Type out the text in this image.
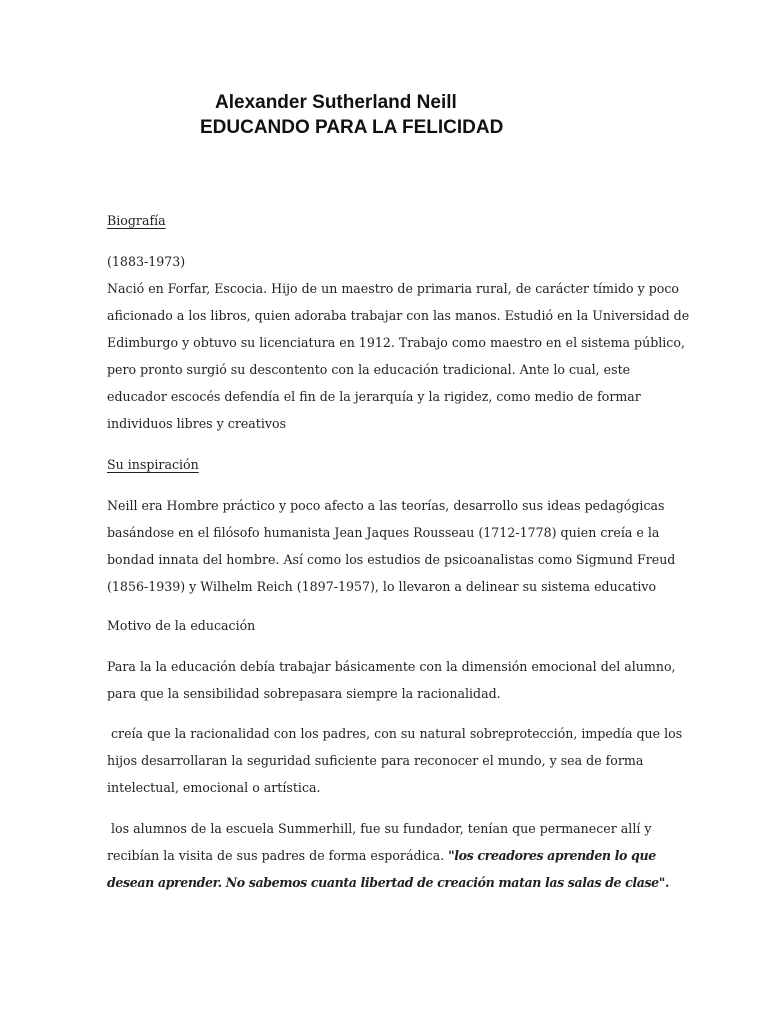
Alexander Sutherland Neill
EDUCANDO PARA LA FELICIDAD
Biografía

(1883-1973)
Nació en Forfar, Escocia. Hijo de un maestro de primaria rural, de carácter tímido y poco
aficionado a los libros, quien adoraba trabajar con las manos. Estudió en la Universidad de
Edimburgo y obtuvo su licenciatura en 1912. Trabajo como maestro en el sistema público,
pero pronto surgió su descontento con la educación tradicional. Ante lo cual, este
educador escocés defendía el fin de la jerarquía y la rigidez, como medio de formar
individuos libres y creativos

Su inspiración

Neill era Hombre práctico y poco afecto a las teorías, desarrollo sus ideas pedagógicas
basándose en el filósofo humanista Jean Jaques Rousseau (1712-1778) quien creía e la
bondad innata del hombre. Así como los estudios de psicoanalistas como Sigmund Freud
(1856-1939) y Wilhelm Reich (1897-1957), lo llevaron a delinear su sistema educativo

Motivo de la educación

Para la la educación debía trabajar básicamente con la dimensión emocional del alumno,
para que la sensibilidad sobrepasara siempre la racionalidad.

creía que la racionalidad con los padres, con su natural sobreprotección, impedía que los
hijos desarrollaran la seguridad suficiente para reconocer el mundo, y sea de forma
intelectual, emocional o artística.

los alumnos de la escuela Summerhill, fue su fundador, tenían que permanecer allí y
recibían la visita de sus padres de forma esporádica. "los creadores aprenden lo que
desean aprender. No sabemos cuanta libertad de creación matan las salas de clase".
